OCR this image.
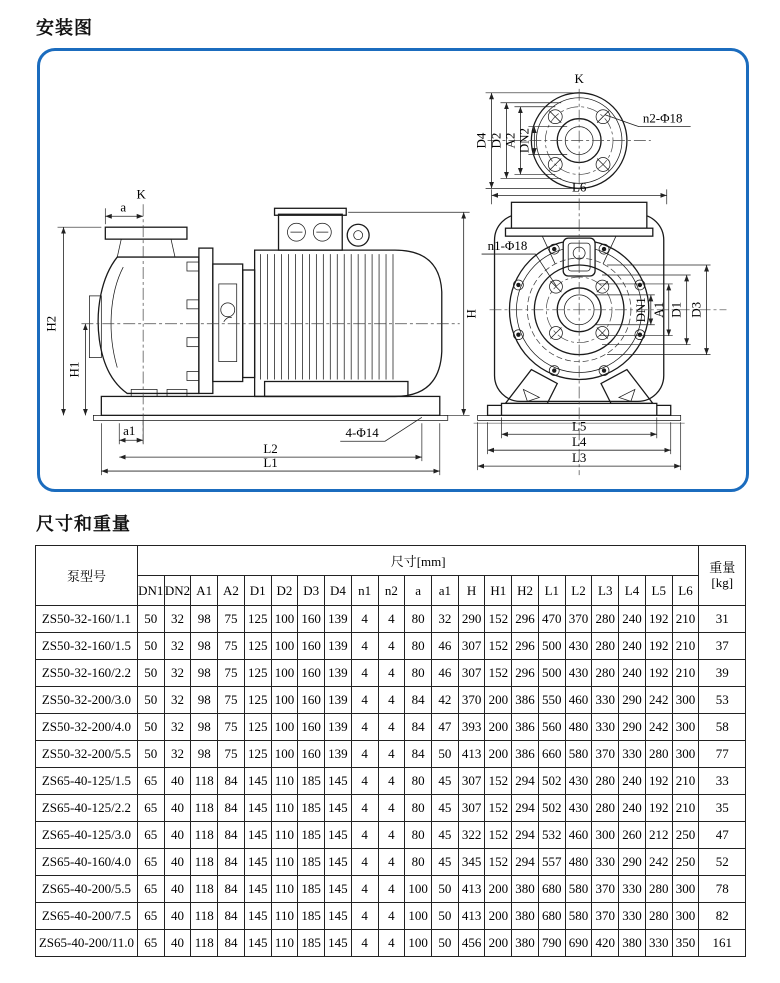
安装图
a
K
H2
H1
H
a1
L2
L1
4-Φ14
D4 D2
A2
DN2
K
n2-Φ18
L6
n1-Φ18
DN1 A1 D1 D3
L5
L4
L3
尺寸和重量
泵型号	尺寸[mm]																					重量
[kg]

	DN1	DN2	A1	A2	D1	D2	D3	D4	n1	n2	a	a1	H	H1	H2	L1	L2	L3	L4	L5	L6	
ZS50-32-160/1.1	50	32	98	75	125	100	160	139	4	4	80	32	290	152	296	470	370	280	240	192	210	31
ZS50-32-160/1.5	50	32	98	75	125	100	160	139	4	4	80	46	307	152	296	500	430	280	240	192	210	37
ZS50-32-160/2.2	50	32	98	75	125	100	160	139	4	4	80	46	307	152	296	500	430	280	240	192	210	39
ZS50-32-200/3.0	50	32	98	75	125	100	160	139	4	4	84	42	370	200	386	550	460	330	290	242	300	53
ZS50-32-200/4.0	50	32	98	75	125	100	160	139	4	4	84	47	393	200	386	560	480	330	290	242	300	58
ZS50-32-200/5.5	50	32	98	75	125	100	160	139	4	4	84	50	413	200	386	660	580	370	330	280	300	77
ZS65-40-125/1.5	65	40	118	84	145	110	185	145	4	4	80	45	307	152	294	502	430	280	240	192	210	33
ZS65-40-125/2.2	65	40	118	84	145	110	185	145	4	4	80	45	307	152	294	502	430	280	240	192	210	35
ZS65-40-125/3.0	65	40	118	84	145	110	185	145	4	4	80	45	322	152	294	532	460	300	260	212	250	47
ZS65-40-160/4.0	65	40	118	84	145	110	185	145	4	4	80	45	345	152	294	557	480	330	290	242	250	52
ZS65-40-200/5.5	65	40	118	84	145	110	185	145	4	4	100	50	413	200	380	680	580	370	330	280	300	78
ZS65-40-200/7.5	65	40	118	84	145	110	185	145	4	4	100	50	413	200	380	680	580	370	330	280	300	82
ZS65-40-200/11.0	65	40	118	84	145	110	185	145	4	4	100	50	456	200	380	790	690	420	380	330	350	161
